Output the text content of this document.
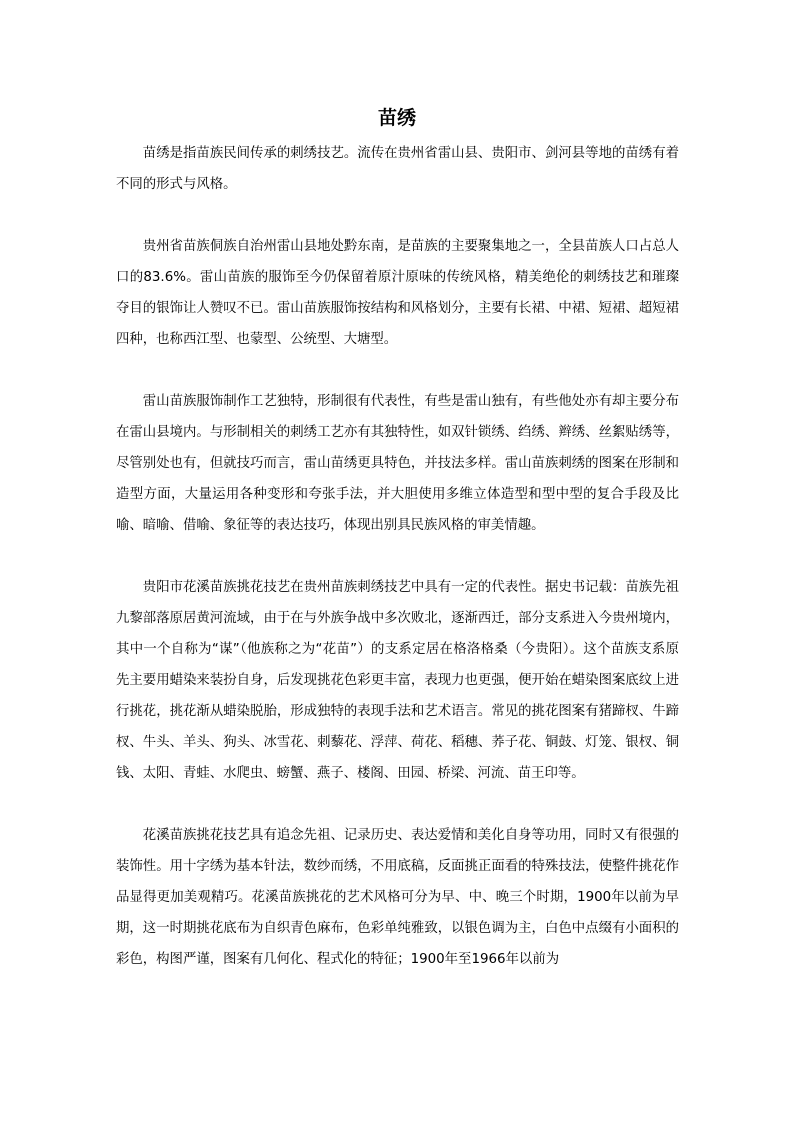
苗绣

苗绣是指苗族民间传承的刺绣技艺。流传在贵州省雷山县、贵阳市、剑河县等地的苗绣有着不同的形式与风格。

贵州省苗族侗族自治州雷山县地处黔东南，是苗族的主要聚集地之一，全县苗族人口占总人口的83.6%。雷山苗族的服饰至今仍保留着原汁原味的传统风格，精美绝伦的刺绣技艺和璀璨夺目的银饰让人赞叹不已。雷山苗族服饰按结构和风格划分，主要有长裙、中裙、短裙、超短裙四种，也称西江型、也蒙型、公统型、大塘型。

雷山苗族服饰制作工艺独特，形制很有代表性，有些是雷山独有，有些他处亦有却主要分布在雷山县境内。与形制相关的刺绣工艺亦有其独特性，如双针锁绣、绉绣、辫绣、丝絮贴绣等，尽管别处也有，但就技巧而言，雷山苗绣更具特色，并技法多样。雷山苗族刺绣的图案在形制和造型方面，大量运用各种变形和夸张手法，并大胆使用多维立体造型和型中型的复合手段及比喻、暗喻、借喻、象征等的表达技巧，体现出别具民族风格的审美情趣。

贵阳市花溪苗族挑花技艺在贵州苗族刺绣技艺中具有一定的代表性。据史书记载：苗族先祖九黎部落原居黄河流域，由于在与外族争战中多次败北，逐渐西迁，部分支系进入今贵州境内，其中一个自称为“谋”（他族称之为“花苗”）的支系定居在格洛格桑（今贵阳）。这个苗族支系原先主要用蜡染来装扮自身，后发现挑花色彩更丰富，表现力也更强，便开始在蜡染图案底纹上进行挑花，挑花渐从蜡染脱胎，形成独特的表现手法和艺术语言。常见的挑花图案有猪蹄杈、牛蹄杈、牛头、羊头、狗头、冰雪花、刺藜花、浮萍、荷花、稻穗、荞子花、铜鼓、灯笼、银杈、铜钱、太阳、青蛙、水爬虫、螃蟹、燕子、楼阁、田园、桥梁、河流、苗王印等。

花溪苗族挑花技艺具有追念先祖、记录历史、表达爱情和美化自身等功用，同时又有很强的装饰性。用十字绣为基本针法，数纱而绣，不用底稿，反面挑正面看的特殊技法，使整件挑花作品显得更加美观精巧。花溪苗族挑花的艺术风格可分为早、中、晚三个时期，1900年以前为早期，这一时期挑花底布为自织青色麻布，色彩单纯雅致，以银色调为主，白色中点缀有小面积的彩色，构图严谨，图案有几何化、程式化的特征；1900年至1966年以前为
